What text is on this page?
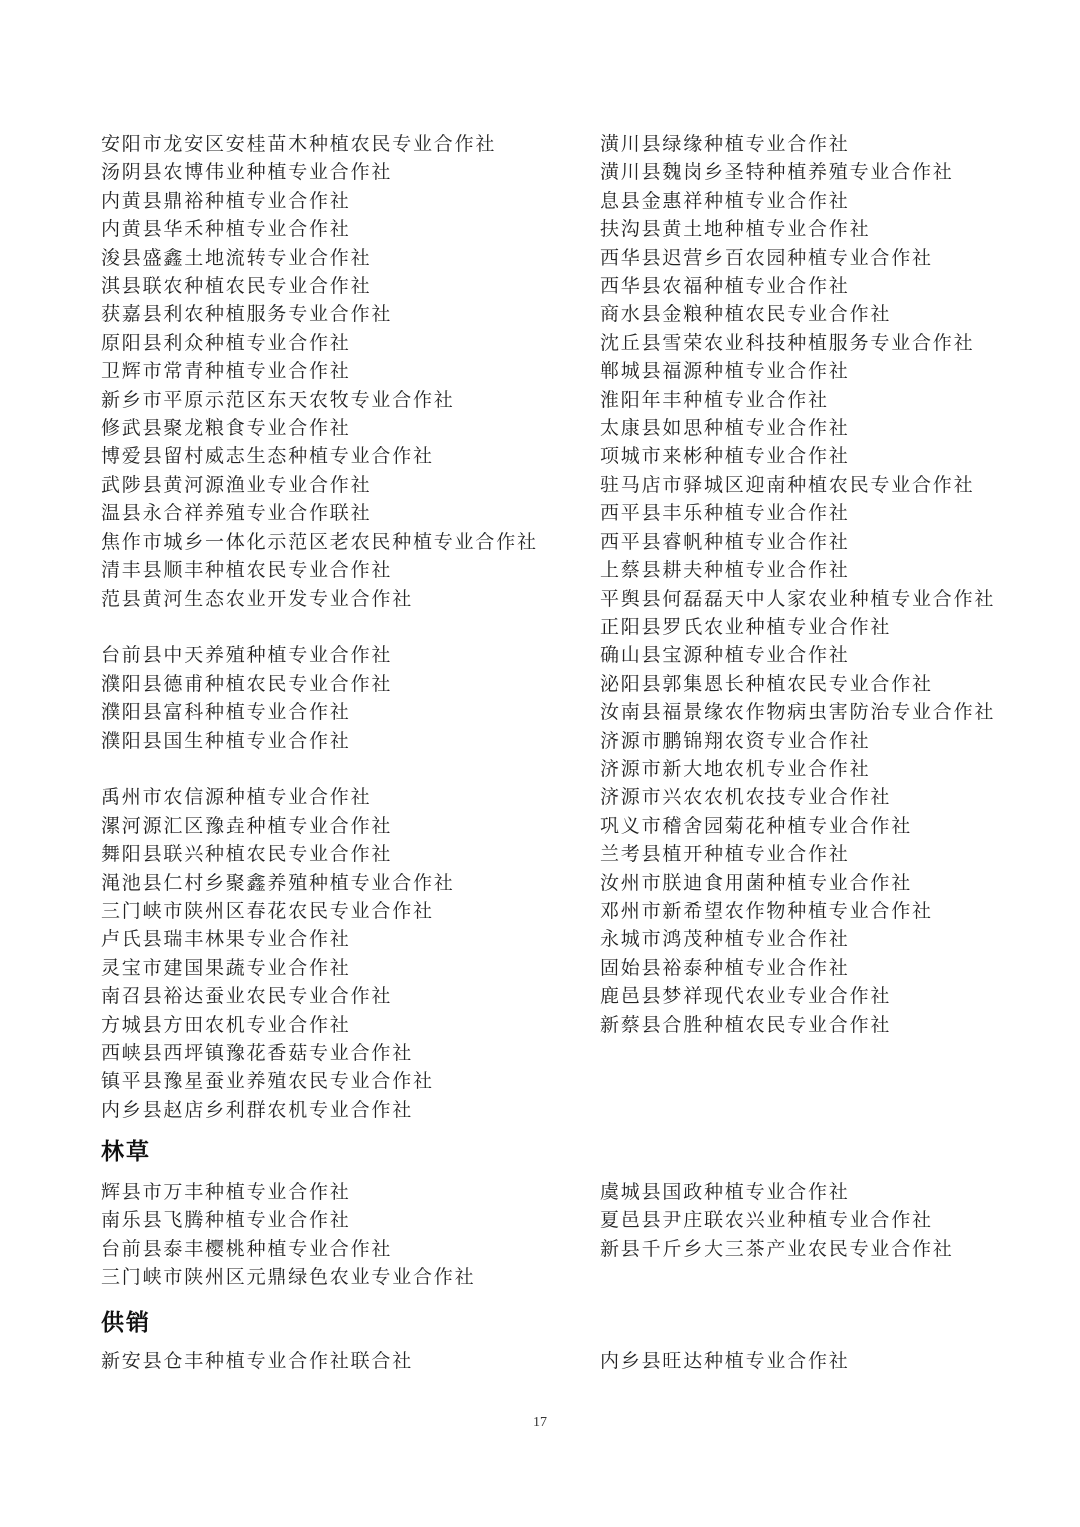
安阳市龙安区安桂苗木种植农民专业合作社
汤阴县农博伟业种植专业合作社
内黄县鼎裕种植专业合作社
内黄县华禾种植专业合作社
浚县盛鑫土地流转专业合作社
淇县联农种植农民专业合作社
获嘉县利农种植服务专业合作社
原阳县利众种植专业合作社
卫辉市常青种植专业合作社
新乡市平原示范区东天农牧专业合作社
修武县聚龙粮食专业合作社
博爱县留村威志生态种植专业合作社
武陟县黄河源渔业专业合作社
温县永合祥养殖专业合作联社
焦作市城乡一体化示范区老农民种植专业合作社
清丰县顺丰种植农民专业合作社
范县黄河生态农业开发专业合作社
台前县中天养殖种植专业合作社
濮阳县德甫种植农民专业合作社
濮阳县富科种植专业合作社
濮阳县国生种植专业合作社
禹州市农信源种植专业合作社
漯河源汇区豫垚种植专业合作社
舞阳县联兴种植农民专业合作社
渑池县仁村乡聚鑫养殖种植专业合作社
三门峡市陕州区春花农民专业合作社
卢氏县瑞丰林果专业合作社
灵宝市建国果蔬专业合作社
南召县裕达蚕业农民专业合作社
方城县方田农机专业合作社
西峡县西坪镇豫花香菇专业合作社
镇平县豫星蚕业养殖农民专业合作社
内乡县赵店乡利群农机专业合作社
潢川县绿缘种植专业合作社
潢川县魏岗乡圣特种植养殖专业合作社
息县金惠祥种植专业合作社
扶沟县黄土地种植专业合作社
西华县迟营乡百农园种植专业合作社
西华县农福种植专业合作社
商水县金粮种植农民专业合作社
沈丘县雪荣农业科技种植服务专业合作社
郸城县福源种植专业合作社
淮阳年丰种植专业合作社
太康县如思种植专业合作社
项城市来彬种植专业合作社
驻马店市驿城区迎南种植农民专业合作社
西平县丰乐种植专业合作社
西平县睿帆种植专业合作社
上蔡县耕夫种植专业合作社
平舆县何磊磊天中人家农业种植专业合作社
正阳县罗氏农业种植专业合作社
确山县宝源种植专业合作社
泌阳县郭集恩长种植农民专业合作社
汝南县福景缘农作物病虫害防治专业合作社
济源市鹏锦翔农资专业合作社
济源市新大地农机专业合作社
济源市兴农农机农技专业合作社
巩义市稽舍园菊花种植专业合作社
兰考县植开种植专业合作社
汝州市朕迪食用菌种植专业合作社
邓州市新希望农作物种植专业合作社
永城市鸿茂种植专业合作社
固始县裕泰种植专业合作社
鹿邑县梦祥现代农业专业合作社
新蔡县合胜种植农民专业合作社
林草
辉县市万丰种植专业合作社
南乐县飞腾种植专业合作社
台前县泰丰樱桃种植专业合作社
三门峡市陕州区元鼎绿色农业专业合作社
虞城县国政种植专业合作社
夏邑县尹庄联农兴业种植专业合作社
新县千斤乡大三茶产业农民专业合作社
供销
新安县仓丰种植专业合作社联合社	内乡县旺达种植专业合作社
17
